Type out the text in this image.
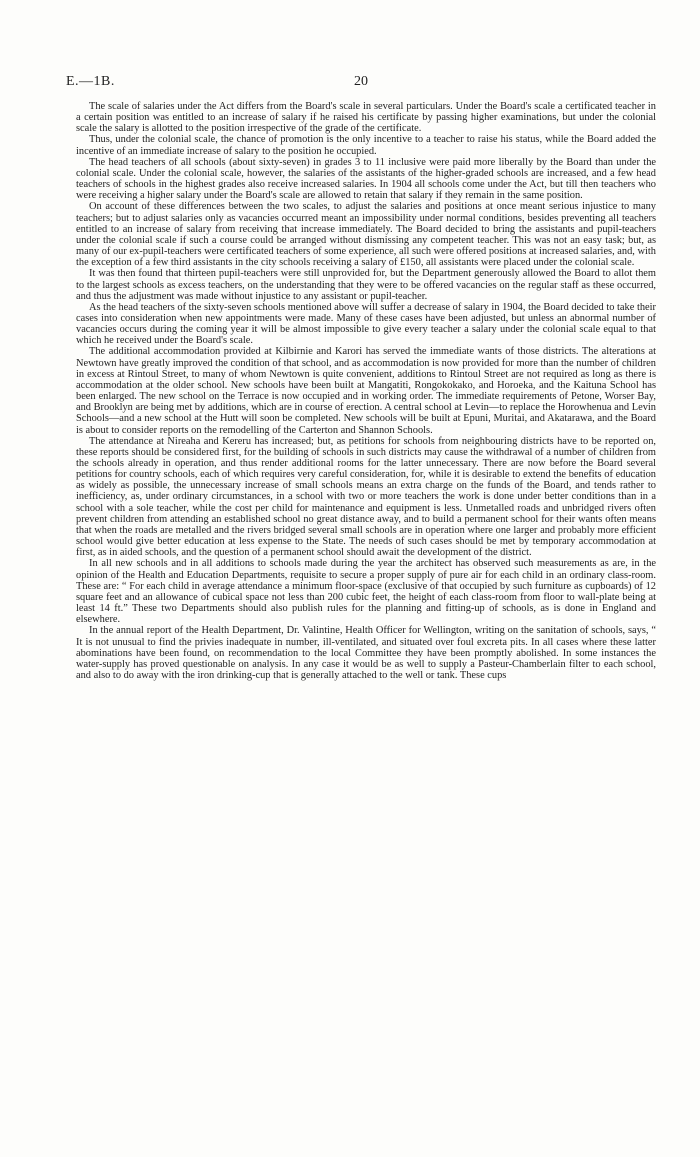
E.—1B.	20

The scale of salaries under the Act differs from the Board's scale in several particulars. Under the Board's scale a certificated teacher in a certain position was entitled to an increase of salary if he raised his certificate by passing higher examinations, but under the colonial scale the salary is allotted to the position irrespective of the grade of the certificate.

Thus, under the colonial scale, the chance of promotion is the only incentive to a teacher to raise his status, while the Board added the incentive of an immediate increase of salary to the position he occupied.

The head teachers of all schools (about sixty-seven) in grades 3 to 11 inclusive were paid more liberally by the Board than under the colonial scale. Under the colonial scale, however, the salaries of the assistants of the higher-graded schools are increased, and a few head teachers of schools in the highest grades also receive increased salaries. In 1904 all schools come under the Act, but till then teachers who were receiving a higher salary under the Board's scale are allowed to retain that salary if they remain in the same position.

On account of these differences between the two scales, to adjust the salaries and positions at once meant serious injustice to many teachers; but to adjust salaries only as vacancies occurred meant an impossibility under normal conditions, besides preventing all teachers entitled to an increase of salary from receiving that increase immediately. The Board decided to bring the assistants and pupil-teachers under the colonial scale if such a course could be arranged without dismissing any competent teacher. This was not an easy task; but, as many of our ex-pupil-teachers were certificated teachers of some experience, all such were offered positions at increased salaries, and, with the exception of a few third assistants in the city schools receiving a salary of £150, all assistants were placed under the colonial scale.

It was then found that thirteen pupil-teachers were still unprovided for, but the Department generously allowed the Board to allot them to the largest schools as excess teachers, on the understanding that they were to be offered vacancies on the regular staff as these occurred, and thus the adjustment was made without injustice to any assistant or pupil-teacher.

As the head teachers of the sixty-seven schools mentioned above will suffer a decrease of salary in 1904, the Board decided to take their cases into consideration when new appointments were made. Many of these cases have been adjusted, but unless an abnormal number of vacancies occurs during the coming year it will be almost impossible to give every teacher a salary under the colonial scale equal to that which he received under the Board's scale.

The additional accommodation provided at Kilbirnie and Karori has served the immediate wants of those districts. The alterations at Newtown have greatly improved the condition of that school, and as accommodation is now provided for more than the number of children in excess at Rintoul Street, to many of whom Newtown is quite convenient, additions to Rintoul Street are not required as long as there is accommodation at the older school. New schools have been built at Mangatiti, Rongokokako, and Horoeka, and the Kaituna School has been enlarged. The new school on the Terrace is now occupied and in working order. The immediate requirements of Petone, Worser Bay, and Brooklyn are being met by additions, which are in course of erection. A central school at Levin—to replace the Horowhenua and Levin Schools—and a new school at the Hutt will soon be completed. New schools will be built at Epuni, Muritai, and Akatarawa, and the Board is about to consider reports on the remodelling of the Carterton and Shannon Schools.

The attendance at Nireaha and Kereru has increased; but, as petitions for schools from neighbouring districts have to be reported on, these reports should be considered first, for the building of schools in such districts may cause the withdrawal of a number of children from the schools already in operation, and thus render additional rooms for the latter unnecessary. There are now before the Board several petitions for country schools, each of which requires very careful consideration, for, while it is desirable to extend the benefits of education as widely as possible, the unnecessary increase of small schools means an extra charge on the funds of the Board, and tends rather to inefficiency, as, under ordinary circumstances, in a school with two or more teachers the work is done under better conditions than in a school with a sole teacher, while the cost per child for maintenance and equipment is less. Unmetalled roads and unbridged rivers often prevent children from attending an established school no great distance away, and to build a permanent school for their wants often means that when the roads are metalled and the rivers bridged several small schools are in operation where one larger and probably more efficient school would give better education at less expense to the State. The needs of such cases should be met by temporary accommodation at first, as in aided schools, and the question of a permanent school should await the development of the district.

In all new schools and in all additions to schools made during the year the architect has observed such measurements as are, in the opinion of the Health and Education Departments, requisite to secure a proper supply of pure air for each child in an ordinary class-room. These are: “ For each child in average attendance a minimum floor-space (exclusive of that occupied by such furniture as cupboards) of 12 square feet and an allowance of cubical space not less than 200 cubic feet, the height of each class-room from floor to wall-plate being at least 14 ft.” These two Departments should also publish rules for the planning and fitting-up of schools, as is done in England and elsewhere.

In the annual report of the Health Department, Dr. Valintine, Health Officer for Wellington, writing on the sanitation of schools, says, “ It is not unusual to find the privies inadequate in number, ill-ventilated, and situated over foul excreta pits. In all cases where these latter abominations have been found, on recommendation to the local Committee they have been promptly abolished. In some instances the water-supply has proved questionable on analysis. In any case it would be as well to supply a Pasteur-Chamberlain filter to each school, and also to do away with the iron drinking-cup that is generally attached to the well or tank. These cups
